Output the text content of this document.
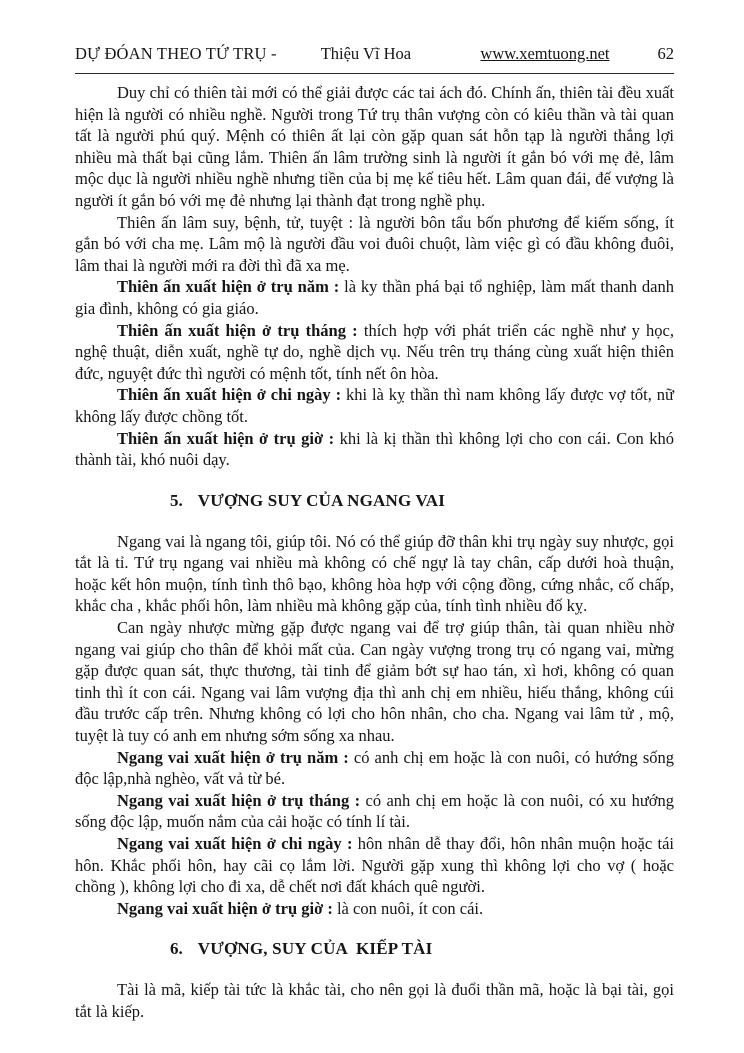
DỰ ĐÓAN THEO TỨ TRỤ -	Thiệu Vĩ Hoa	www.xemtuong.net	62

Duy chỉ có thiên tài mới có thể giải được các tai ách đó. Chính ấn, thiên tài đều xuất hiện là người có nhiều nghề. Người trong Tứ trụ thân vượng còn có kiêu thần và tài quan tất là người phú quý. Mệnh có thiên ất lại còn gặp quan sát hỗn tạp là người thắng lợi nhiều mà thất bại cũng lắm. Thiên ấn lâm trường sinh là người ít gắn bó với mẹ đẻ, lâm mộc dục là người nhiều nghề nhưng tiền của bị mẹ kế tiêu hết. Lâm quan đái, đế vượng là người ít gắn bó với mẹ đẻ nhưng lại thành đạt trong nghề phụ.

Thiên ấn lâm suy, bệnh, tử, tuyệt : là người bôn tẩu bốn phương để kiếm sống, ít gắn bó với cha mẹ. Lâm mộ là người đầu voi đuôi chuột, làm việc gì có đầu không đuôi, lâm thai là người mới ra đời thì đã xa mẹ.

Thiên ấn xuất hiện ở trụ năm : là ky thần phá bại tổ nghiệp, làm mất thanh danh gia đình, không có gia giáo.

Thiên ấn xuất hiện ở trụ tháng : thích hợp với phát triển các nghề như y học, nghệ thuật, diễn xuất, nghề tự do, nghề dịch vụ. Nếu trên trụ tháng cùng xuất hiện thiên đức, nguyệt đức thì người có mệnh tốt, tính nết ôn hòa.

Thiên ấn xuất hiện ở chi ngày : khi là kỵ thần thì nam không lấy được vợ tốt, nữ không lấy được chồng tốt.

Thiên ấn xuất hiện ở trụ giờ : khi là kị thần thì không lợi cho con cái. Con khó thành tài, khó nuôi dạy.

5. VƯỢNG SUY CỦA NGANG VAI

Ngang vai là ngang tôi, giúp tôi. Nó có thể giúp đỡ thân khi trụ ngày suy nhược, gọi tắt là tỉ. Tứ trụ ngang vai nhiều mà không có chế ngự là tay chân, cấp dưới hoà thuận, hoặc kết hôn muộn, tính tình thô bạo, không hòa hợp với cộng đồng, cứng nhắc, cố chấp, khắc cha , khắc phối hôn, làm nhiều mà không gặp của, tính tình nhiều đố kỵ.

Can ngày nhược mừng gặp được ngang vai để trợ giúp thân, tài quan nhiều nhờ ngang vai giúp cho thân để khỏi mất của. Can ngày vượng trong trụ có ngang vai, mừng gặp được quan sát, thực thương, tài tinh để giảm bớt sự hao tán, xì hơi, không có quan tinh thì ít con cái. Ngang vai lâm vượng địa thì anh chị em nhiều, hiếu thắng, không cúi đầu trước cấp trên. Nhưng không có lợi cho hôn nhân, cho cha. Ngang vai lâm tử , mộ, tuyệt là tuy có anh em nhưng sớm sống xa nhau.

Ngang vai xuất hiện ở trụ năm : có anh chị em hoặc là con nuôi, có hướng sống độc lập,nhà nghèo, vất vả từ bé.

Ngang vai xuất hiện ở trụ tháng : có anh chị em hoặc là con nuôi, có xu hướng sống độc lập, muốn nắm của cải hoặc có tính lí tài.

Ngang vai xuất hiện ở chi ngày : hôn nhân dễ thay đổi, hôn nhân muộn hoặc tái hôn. Khắc phối hôn, hay cãi cọ lắm lời. Người gặp xung thì không lợi cho vợ ( hoặc chồng ), không lợi cho đi xa, dễ chết nơi đất khách quê người.

Ngang vai xuất hiện ở trụ giờ : là con nuôi, ít con cái.

6. VƯỢNG, SUY CỦA  KIẾP TÀI

Tài là mã, kiếp tài tức là khắc tài, cho nên gọi là đuổi thần mã, hoặc là bại tài, gọi tắt là kiếp.
